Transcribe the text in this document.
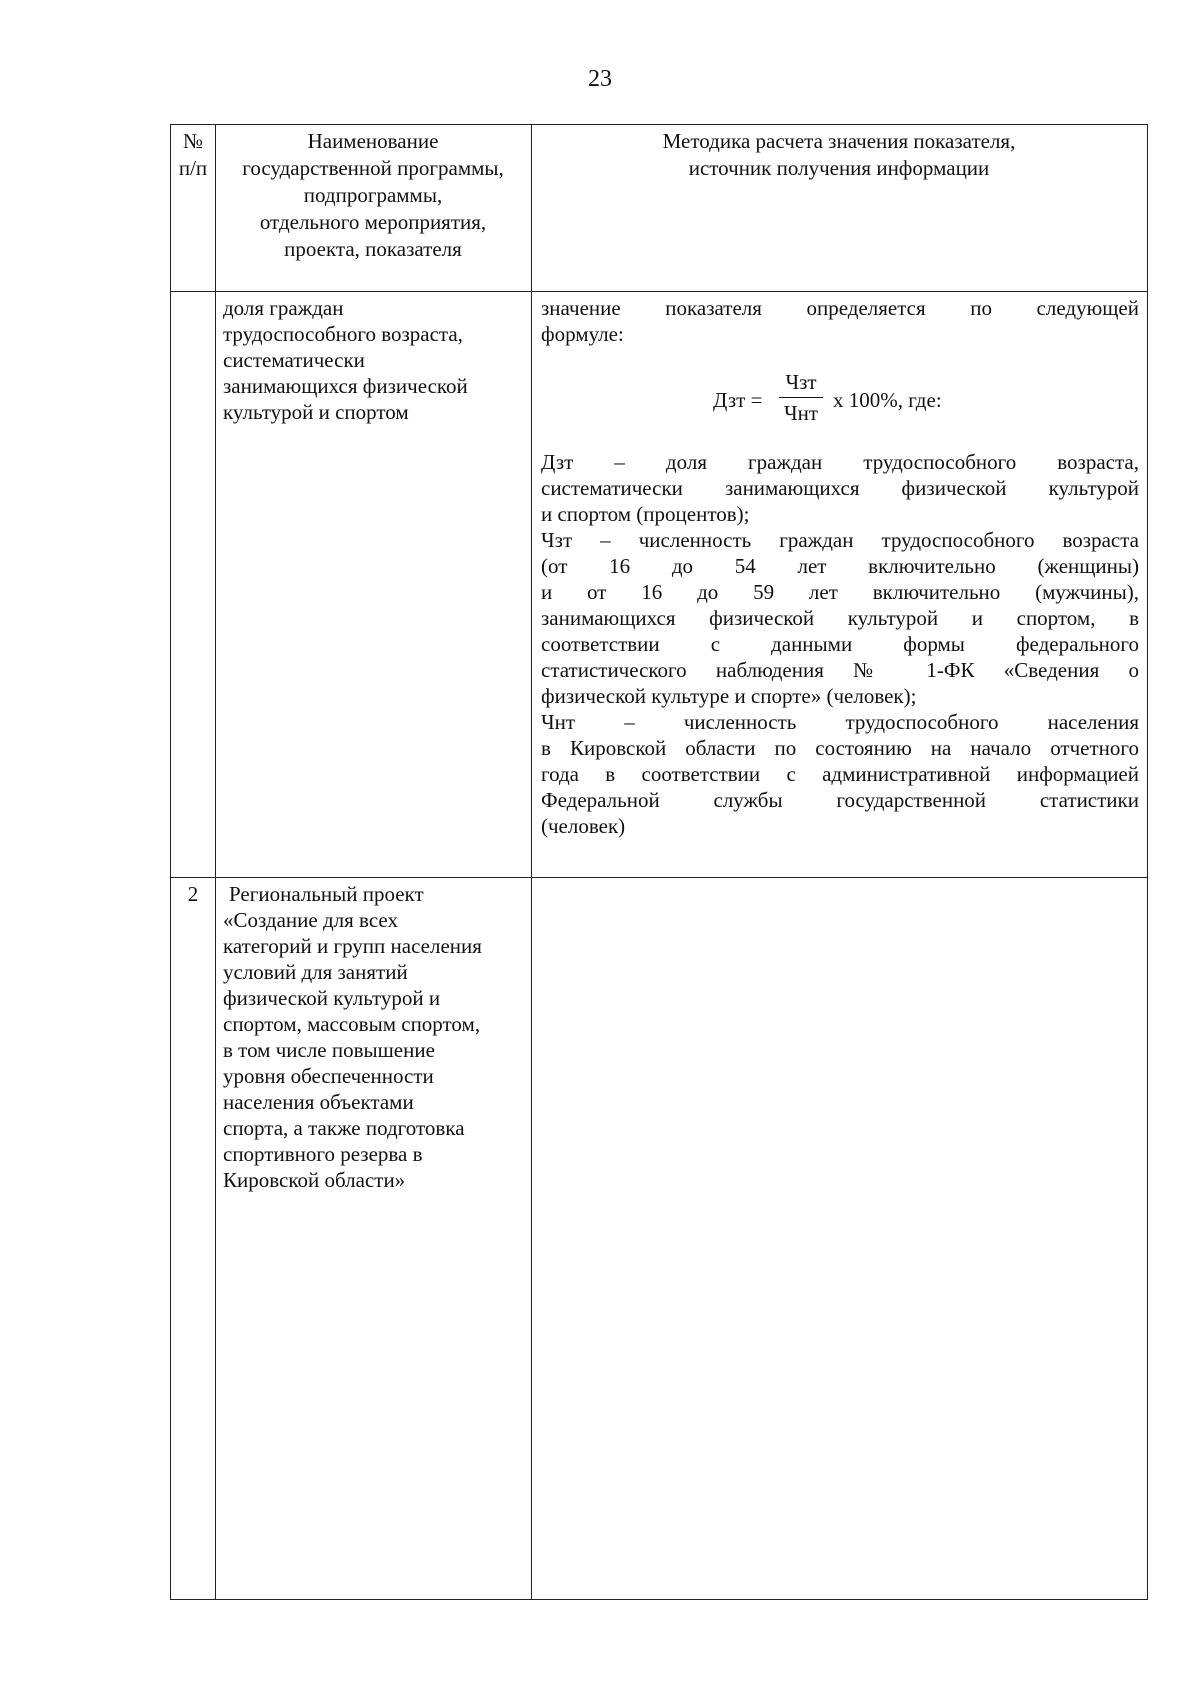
23
№
п/п
Наименование
государственной программы,
подпрограммы,
отдельного мероприятия,
проекта, показателя
Методика расчета значения показателя,
источник получения информации
доля граждан
трудоспособного возраста,
систематически
занимающихся физической
культурой и спортом

значение показателя определяется по следующей

формуле:

Дзт =
Чзт
Чнт
х 100%, где:

Дзт – доля граждан трудоспособного возраста,

систематически занимающихся физической культурой

и спортом (процентов);

Чзт – численность граждан трудоспособного возраста

(от 16 до 54 лет включительно (женщины)

и от 16 до 59 лет включительно (мужчины),

занимающихся физической культурой и спортом, в

соответствии с данными формы федерального

статистического наблюдения № 1-ФК «Сведения о

физической культуре и спорте» (человек);

Чнт – численность трудоспособного населения

в Кировской области по состоянию на начало отчетного

года в соответствии с административной информацией

Федеральной службы государственной статистики

(человек)

2	Региональный проект
«Создание для всех
категорий и групп населения
условий для занятий
физической культурой и
спортом, массовым спортом,
в том числе повышение
уровня обеспеченности
населения объектами
спорта, а также подготовка
спортивного резерва в
Кировской области»
